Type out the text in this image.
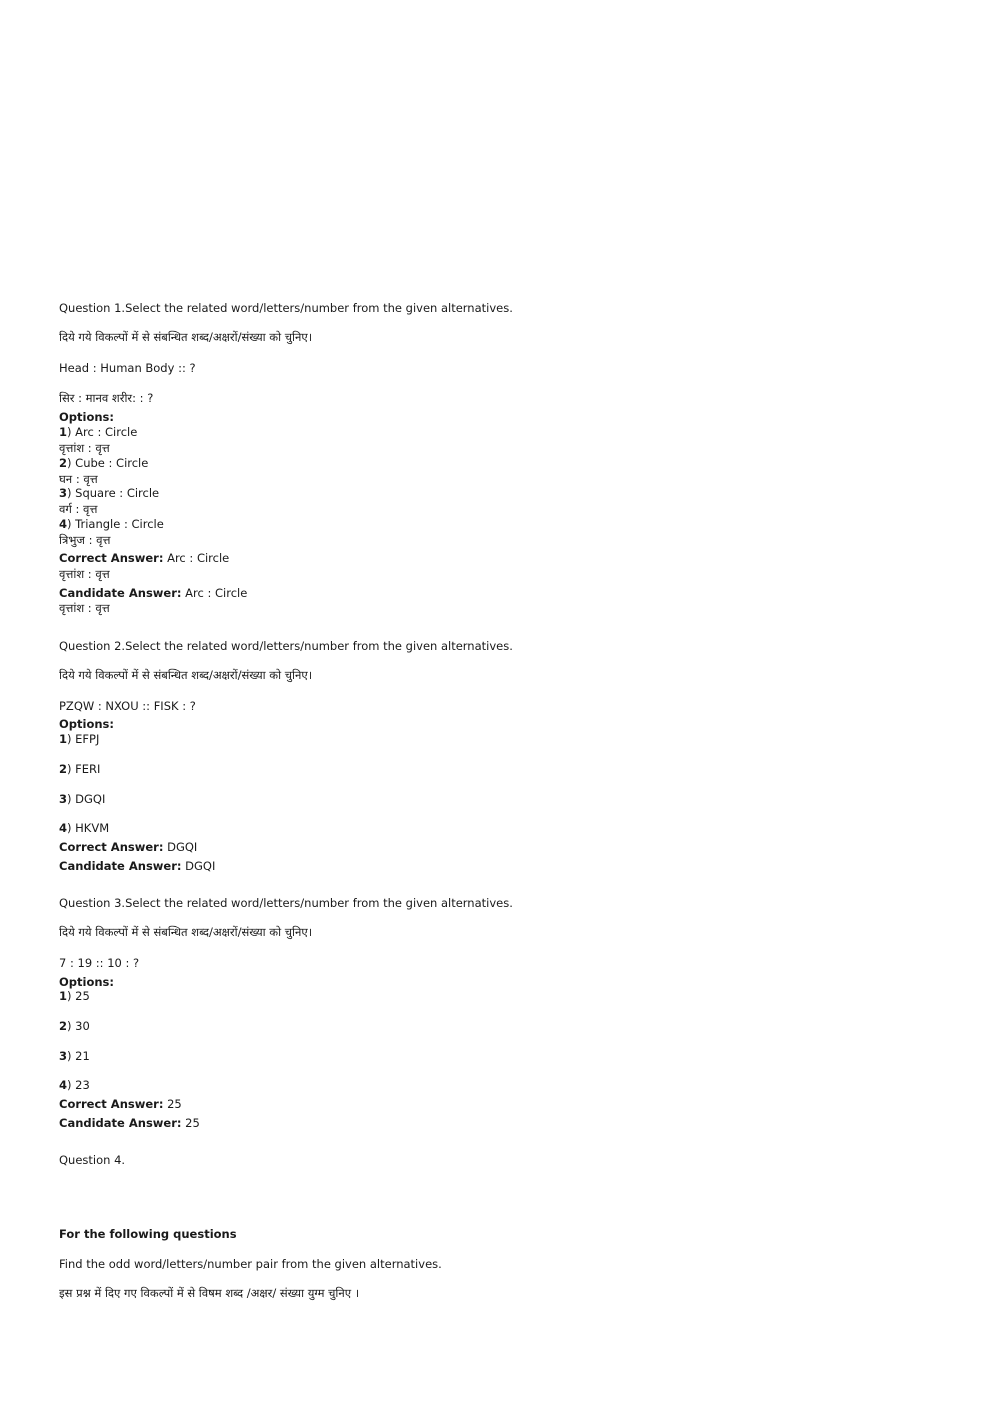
Question 1.Select the related word/letters/number from the given alternatives.
दिये गये विकल्पों में से संबन्धित शब्द/अक्षरों/संख्या को चुनिए।
Head : Human Body :: ?
सिर : मानव शरीर: : ?
Options:
1) Arc : Circle
वृत्तांश : वृत्त
2) Cube : Circle
घन : वृत्त
3) Square : Circle
वर्ग : वृत्त
4) Triangle : Circle
त्रिभुज : वृत्त
Correct Answer: Arc : Circle
वृत्तांश : वृत्त
Candidate Answer: Arc : Circle
वृत्तांश : वृत्त
Question 2.Select the related word/letters/number from the given alternatives.
दिये गये विकल्पों में से संबन्धित शब्द/अक्षरों/संख्या को चुनिए।
PZQW : NXOU :: FISK : ?
Options:
1) EFPJ
2) FERI
3) DGQI
4) HKVM
Correct Answer: DGQI
Candidate Answer: DGQI
Question 3.Select the related word/letters/number from the given alternatives.
दिये गये विकल्पों में से संबन्धित शब्द/अक्षरों/संख्या को चुनिए।
7 : 19 :: 10 : ?
Options:
1) 25
2) 30
3) 21
4) 23
Correct Answer: 25
Candidate Answer: 25
Question 4.
For the following questions
Find the odd word/letters/number pair from the given alternatives.
इस प्रश्न में दिए गए विकल्पों में से विषम शब्द /अक्षर/ संख्या युग्म चुनिए ।
